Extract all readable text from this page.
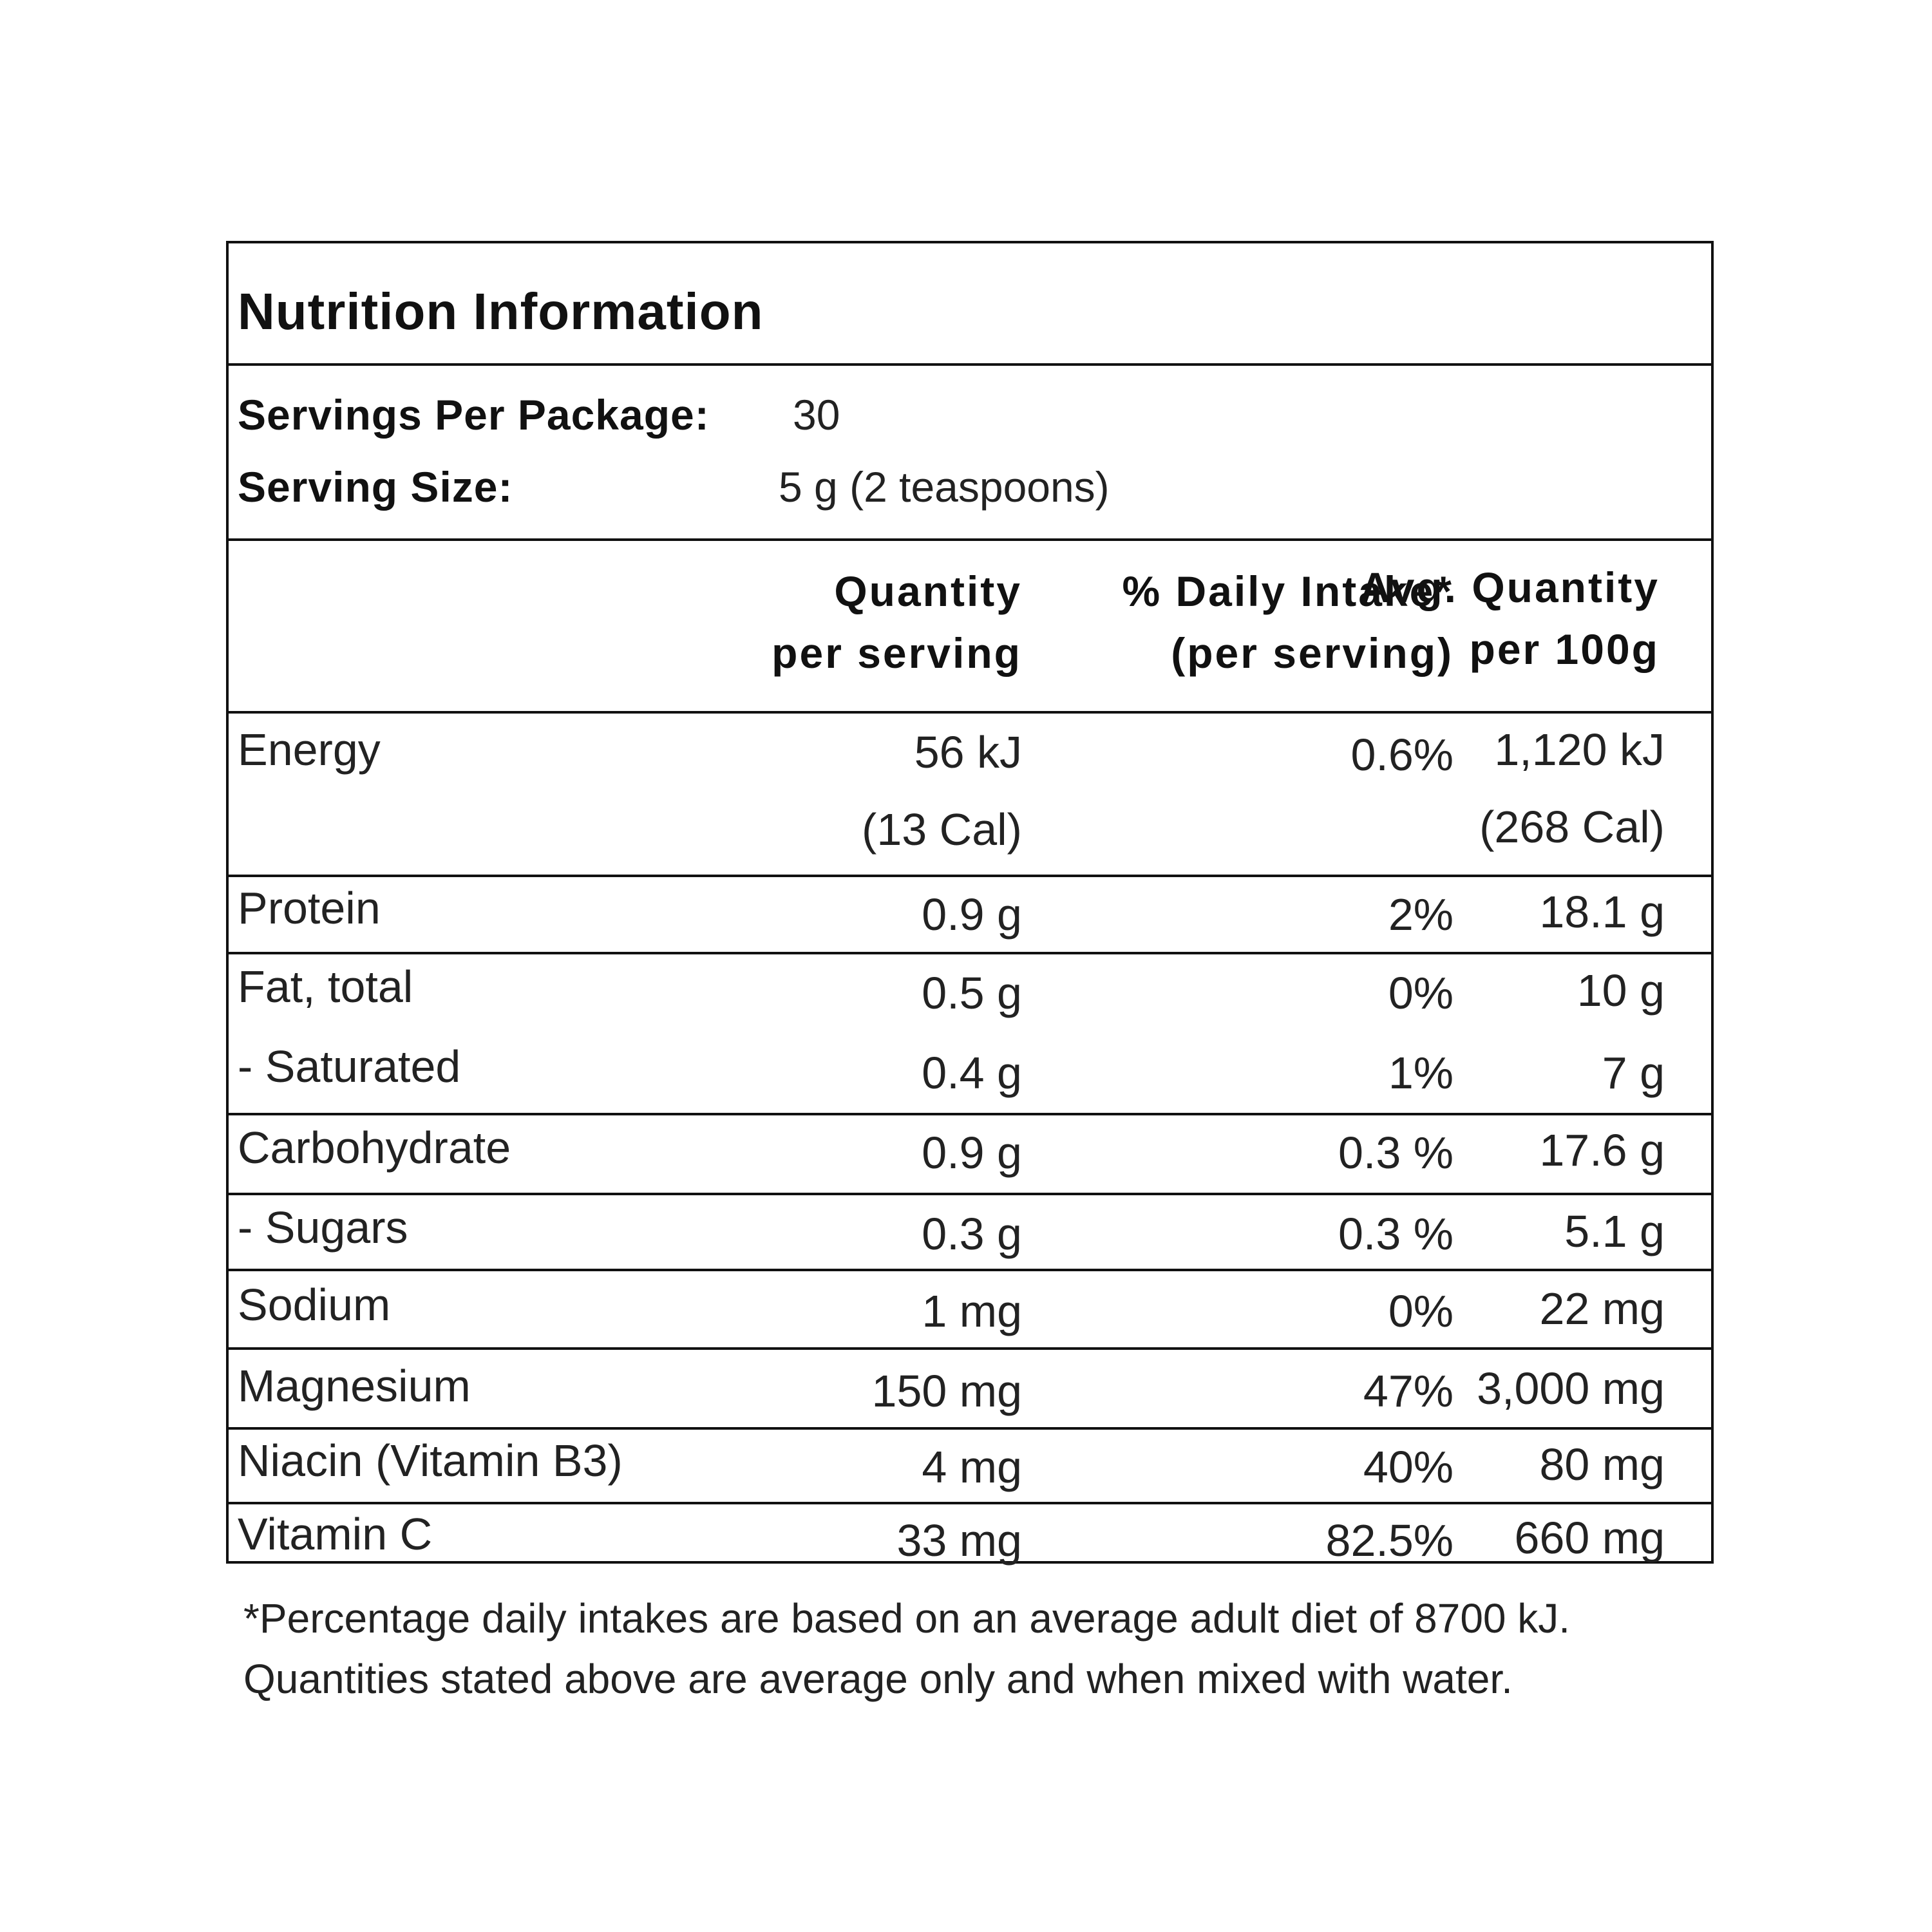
Nutrition Information
Servings Per Package: 30
Serving Size:	5 g (2 teaspoons)
Quantity
per serving
% Daily Intake*
(per serving)
Avg. Quantity
per 100g
Energy	56 kJ
(13 Cal)
0.6% 1,120 kJ
(268 Cal)
Protein	0.9 g	2% 18.1 g
Fat, total	0.5 g	0%	10 g
- Saturated	0.4 g	1%	7 g
Carbohydrate	0.9 g	0.3 % 17.6 g
- Sugars	0.3 g	0.3 % 5.1 g
Sodium	1 mg	0% 22 mg
Magnesium	150 mg	47% 3,000 mg
Niacin (Vitamin B3)	4 mg	40% 80 mg
Vitamin C	33 mg	82.5% 660 mg
*Percentage daily intakes are based on an average adult diet of 8700 kJ.
Quantities stated above are average only and when mixed with water.
